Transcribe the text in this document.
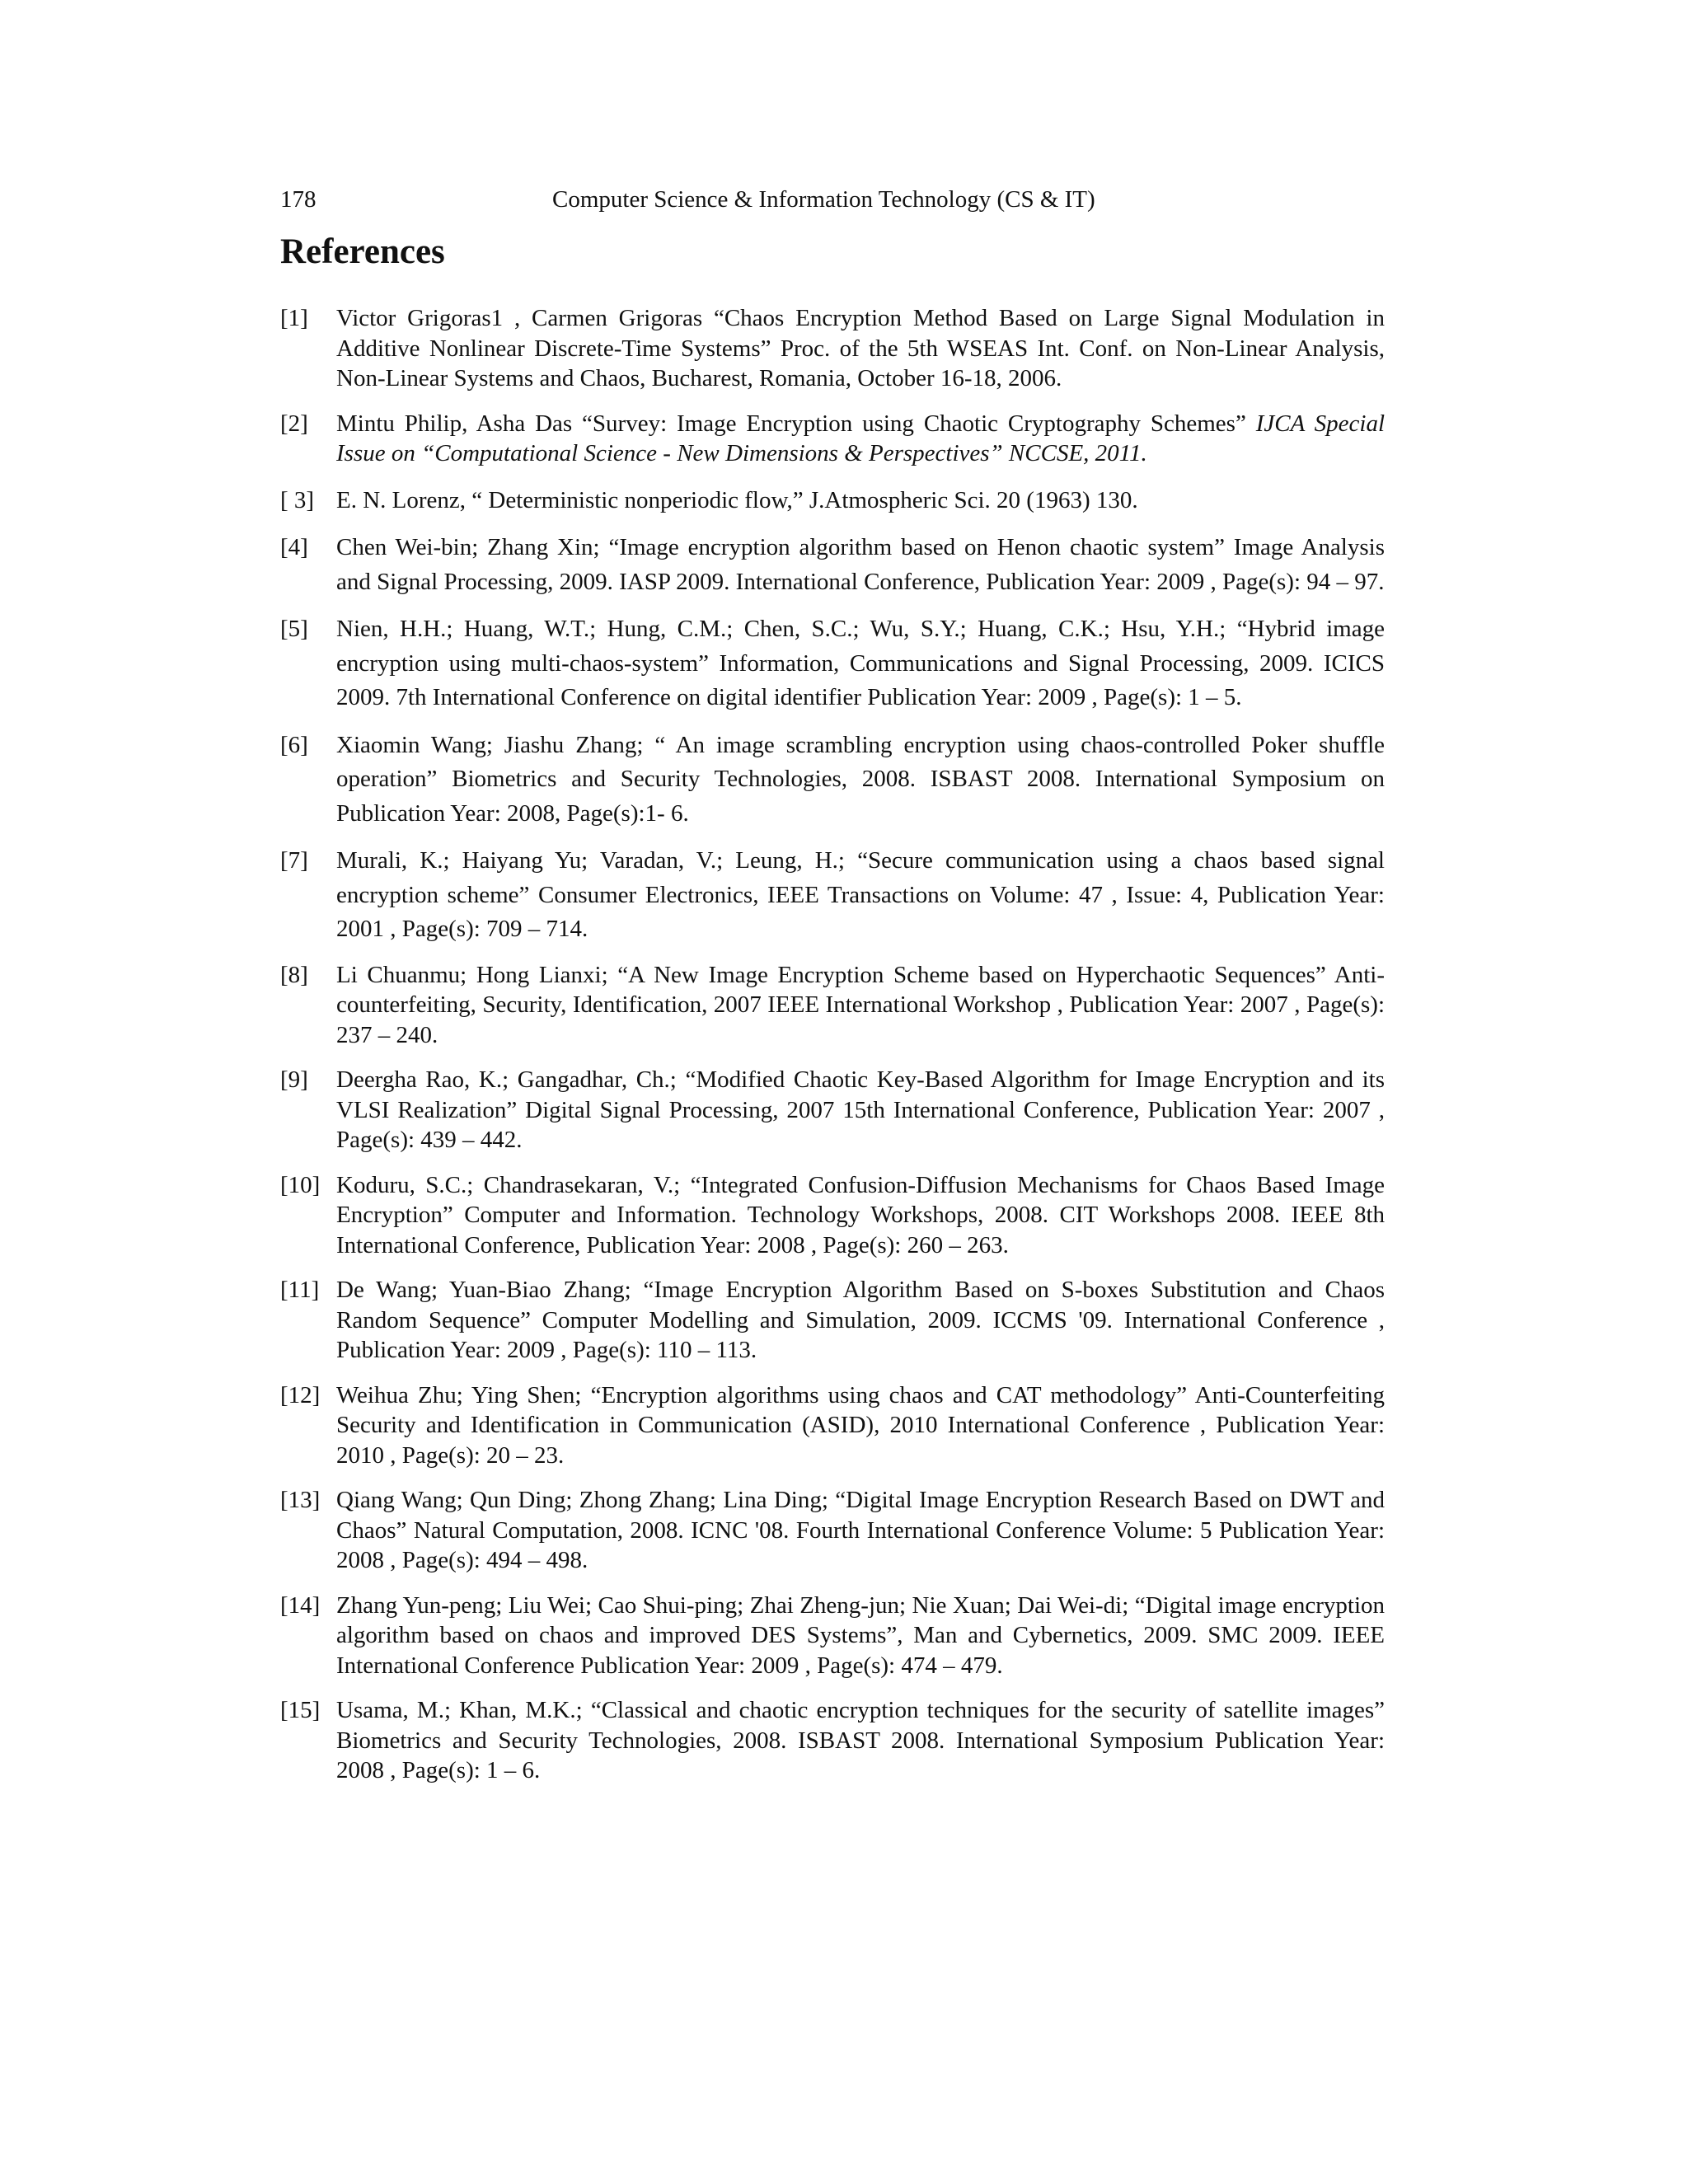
178	Computer Science & Information Technology (CS & IT)
References
[1]	Victor Grigoras1 , Carmen Grigoras “Chaos Encryption Method Based on Large Signal Modulation in Additive Nonlinear Discrete-Time Systems” Proc. of the 5th WSEAS Int. Conf. on Non-Linear Analysis, Non-Linear Systems and Chaos, Bucharest, Romania, October 16-18, 2006.
[2]	Mintu Philip, Asha Das “Survey: Image Encryption using Chaotic Cryptography Schemes” IJCA Special Issue on “Computational Science - New Dimensions & Perspectives” NCCSE, 2011.
[ 3] E. N. Lorenz, “ Deterministic nonperiodic flow,” J.Atmospheric Sci. 20 (1963) 130.
[4]	Chen Wei-bin; Zhang Xin; “Image encryption algorithm based on Henon chaotic system” Image Analysis and Signal Processing, 2009. IASP 2009. International Conference, Publication Year: 2009 , Page(s): 94 – 97.
[5]	Nien, H.H.; Huang, W.T.; Hung, C.M.; Chen, S.C.; Wu, S.Y.; Huang, C.K.; Hsu, Y.H.; “Hybrid image encryption using multi-chaos-system” Information, Communications and Signal Processing, 2009. ICICS 2009. 7th International Conference on digital identifier Publication Year: 2009 , Page(s): 1 – 5.
[6]	Xiaomin Wang; Jiashu Zhang; “ An image scrambling encryption using chaos-controlled Poker shuffle operation” Biometrics and Security Technologies, 2008. ISBAST 2008. International Symposium on Publication Year: 2008, Page(s):1- 6.
[7]	Murali, K.; Haiyang Yu; Varadan, V.; Leung, H.; “Secure communication using a chaos based signal encryption scheme” Consumer Electronics, IEEE Transactions on Volume: 47 , Issue: 4, Publication Year: 2001 , Page(s): 709 – 714.
[8]	Li Chuanmu; Hong Lianxi; “A New Image Encryption Scheme based on Hyperchaotic Sequences” Anti-counterfeiting, Security, Identification, 2007 IEEE International Workshop , Publication Year: 2007 , Page(s): 237 – 240.
[9]	Deergha Rao, K.; Gangadhar, Ch.; “Modified Chaotic Key-Based Algorithm for Image Encryption and its VLSI Realization” Digital Signal Processing, 2007 15th International Conference, Publication Year: 2007 , Page(s): 439 – 442.
[10] Koduru, S.C.; Chandrasekaran, V.; “Integrated Confusion-Diffusion Mechanisms for Chaos Based Image Encryption” Computer and Information. Technology Workshops, 2008. CIT Workshops 2008. IEEE 8th International Conference, Publication Year: 2008 , Page(s): 260 – 263.
[11] De Wang; Yuan-Biao Zhang; “Image Encryption Algorithm Based on S-boxes Substitution and Chaos Random Sequence” Computer Modelling and Simulation, 2009. ICCMS '09. International Conference , Publication Year: 2009 , Page(s): 110 – 113.
[12] Weihua Zhu; Ying Shen; “Encryption algorithms using chaos and CAT methodology” Anti-Counterfeiting Security and Identification in Communication (ASID), 2010 International Conference , Publication Year: 2010 , Page(s): 20 – 23.
[13] Qiang Wang; Qun Ding; Zhong Zhang; Lina Ding; “Digital Image Encryption Research Based on DWT and Chaos” Natural Computation, 2008. ICNC '08. Fourth International Conference Volume: 5 Publication Year: 2008 , Page(s): 494 – 498.
[14] Zhang Yun-peng; Liu Wei; Cao Shui-ping; Zhai Zheng-jun; Nie Xuan; Dai Wei-di; “Digital image encryption algorithm based on chaos and improved DES Systems”, Man and Cybernetics, 2009. SMC 2009. IEEE International Conference Publication Year: 2009 , Page(s): 474 – 479.
[15] Usama, M.; Khan, M.K.; “Classical and chaotic encryption techniques for the security of satellite images” Biometrics and Security Technologies, 2008. ISBAST 2008. International Symposium Publication Year: 2008 , Page(s): 1 – 6.
